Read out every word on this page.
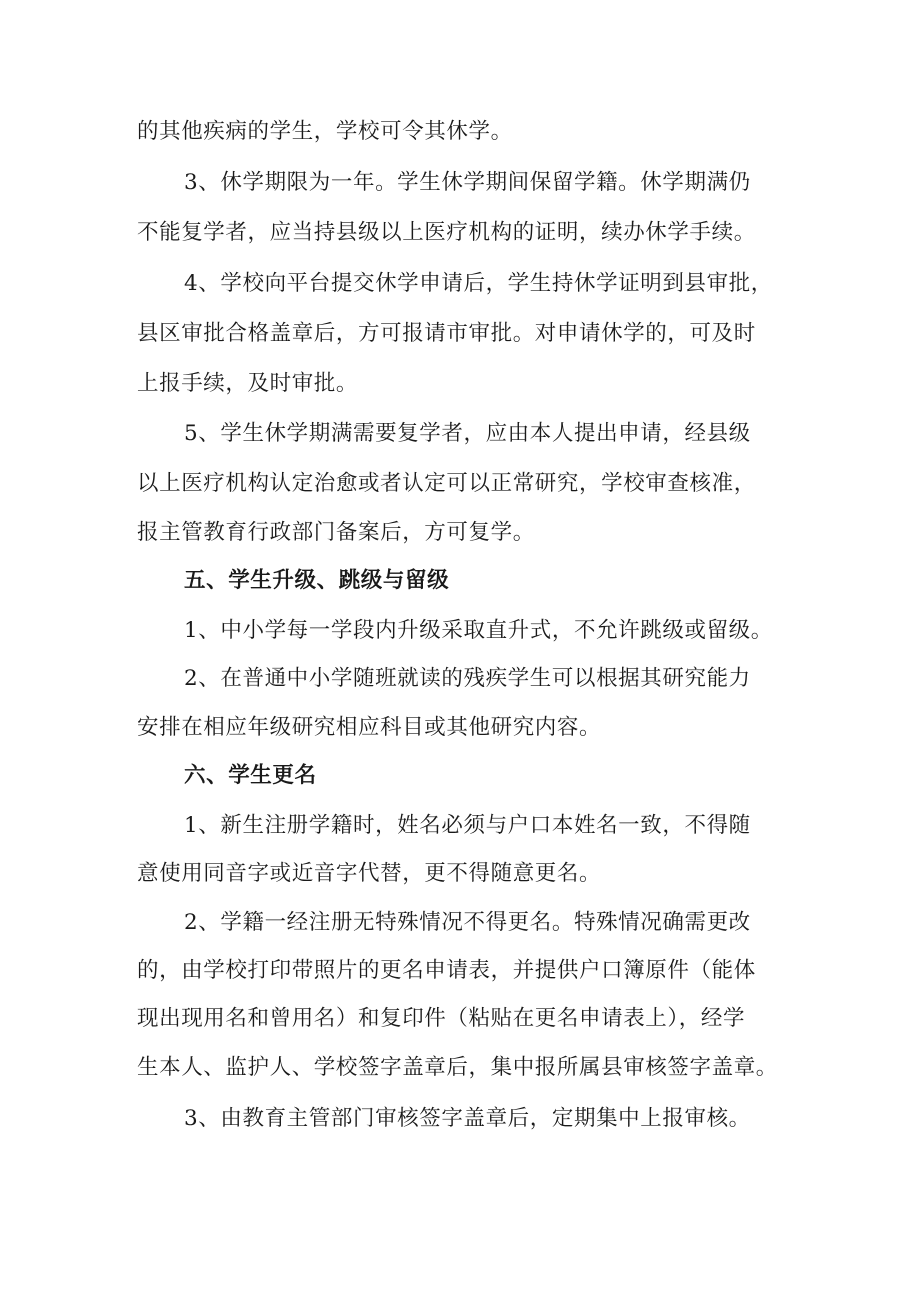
的其他疾病的学生，学校可令其休学。
3、休学期限为一年。学生休学期间保留学籍。休学期满仍
不能复学者，应当持县级以上医疗机构的证明，续办休学手续。
4、学校向平台提交休学申请后，学生持休学证明到县审批，
县区审批合格盖章后，方可报请市审批。对申请休学的，可及时
上报手续，及时审批。
5、学生休学期满需要复学者，应由本人提出申请，经县级
以上医疗机构认定治愈或者认定可以正常研究，学校审查核准，
报主管教育行政部门备案后，方可复学。
五、学生升级、跳级与留级
1、中小学每一学段内升级采取直升式，不允许跳级或留级。
2、在普通中小学随班就读的残疾学生可以根据其研究能力
安排在相应年级研究相应科目或其他研究内容。
六、学生更名
1、新生注册学籍时，姓名必须与户口本姓名一致，不得随
意使用同音字或近音字代替，更不得随意更名。
2、学籍一经注册无特殊情况不得更名。特殊情况确需更改
的，由学校打印带照片的更名申请表，并提供户口簿原件（能体
现出现用名和曾用名）和复印件（粘贴在更名申请表上），经学
生本人、监护人、学校签字盖章后，集中报所属县审核签字盖章。
3、由教育主管部门审核签字盖章后，定期集中上报审核。
